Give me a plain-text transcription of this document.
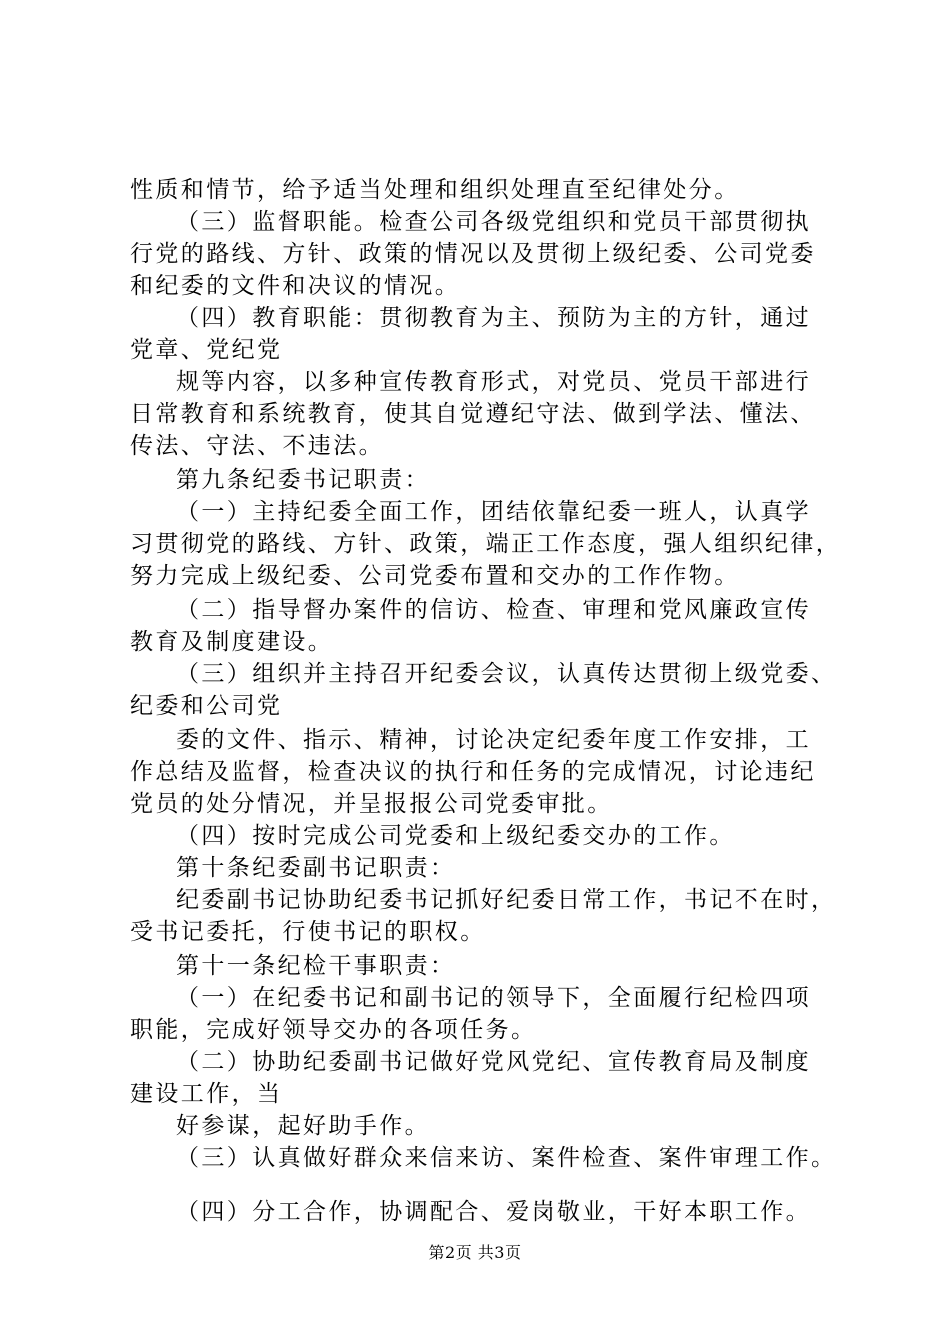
性质和情节，给予适当处理和组织处理直至纪律处分。
（三）监督职能。检查公司各级党组织和党员干部贯彻执
行党的路线、方针、政策的情况以及贯彻上级纪委、公司党委
和纪委的文件和决议的情况。
（四）教育职能：贯彻教育为主、预防为主的方针，通过
党章、党纪党
规等内容，以多种宣传教育形式，对党员、党员干部进行
日常教育和系统教育，使其自觉遵纪守法、做到学法、懂法、
传法、守法、不违法。
第九条纪委书记职责：
（一）主持纪委全面工作，团结依靠纪委一班人，认真学
习贯彻党的路线、方针、政策，端正工作态度，强人组织纪律，
努力完成上级纪委、公司党委布置和交办的工作作物。
（二）指导督办案件的信访、检查、审理和党风廉政宣传
教育及制度建设。
（三）组织并主持召开纪委会议，认真传达贯彻上级党委、
纪委和公司党
委的文件、指示、精神，讨论决定纪委年度工作安排，工
作总结及监督，检查决议的执行和任务的完成情况，讨论违纪
党员的处分情况，并呈报报公司党委审批。
（四）按时完成公司党委和上级纪委交办的工作。
第十条纪委副书记职责：
纪委副书记协助纪委书记抓好纪委日常工作，书记不在时，
受书记委托，行使书记的职权。
第十一条纪检干事职责：
（一）在纪委书记和副书记的领导下，全面履行纪检四项
职能，完成好领导交办的各项任务。
（二）协助纪委副书记做好党风党纪、宣传教育局及制度
建设工作，当
好参谋，起好助手作。
（三）认真做好群众来信来访、案件检查、案件审理工作。
（四）分工合作，协调配合、爱岗敬业，干好本职工作。
第2页 共3页
